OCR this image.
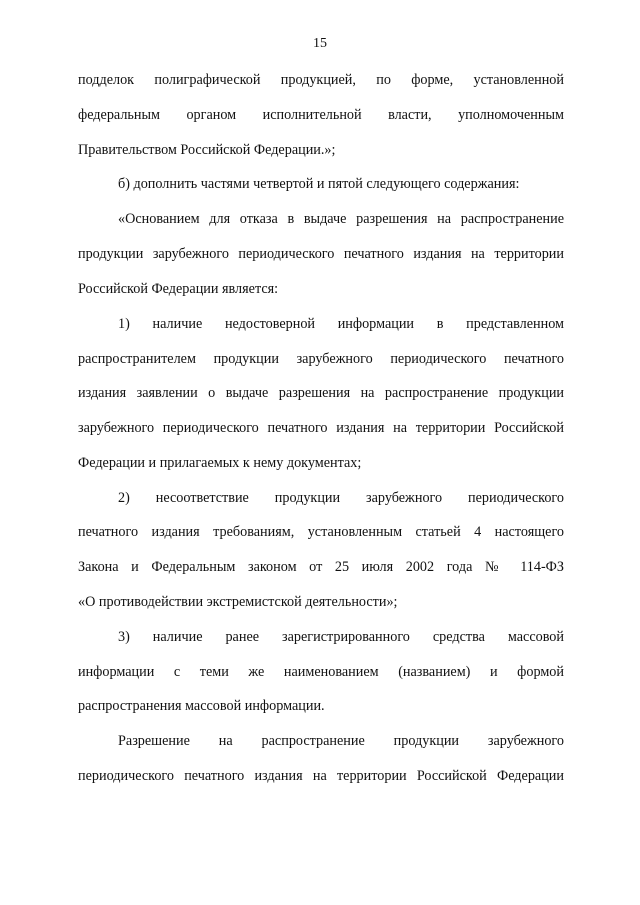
15
подделок полиграфической продукцией, по форме, установленной
федеральным органом исполнительной власти, уполномоченным
Правительством Российской Федерации.»;
б) дополнить частями четвертой и пятой следующего содержания:
«Основанием для отказа в выдаче разрешения на распространение
продукции зарубежного периодического печатного издания на территории
Российской Федерации является:
1) наличие недостоверной информации в представленном
распространителем продукции зарубежного периодического печатного
издания заявлении о выдаче разрешения на распространение продукции
зарубежного периодического печатного издания на территории Российской
Федерации и прилагаемых к нему документах;
2) несоответствие продукции зарубежного периодического
печатного издания требованиям, установленным статьей 4 настоящего
Закона и Федеральным законом от 25 июля 2002 года № 114-ФЗ
«О противодействии экстремистской деятельности»;
3) наличие ранее зарегистрированного средства массовой
информации с теми же наименованием (названием) и формой
распространения массовой информации.
Разрешение на распространение продукции зарубежного
периодического печатного издания на территории Российской Федерации
